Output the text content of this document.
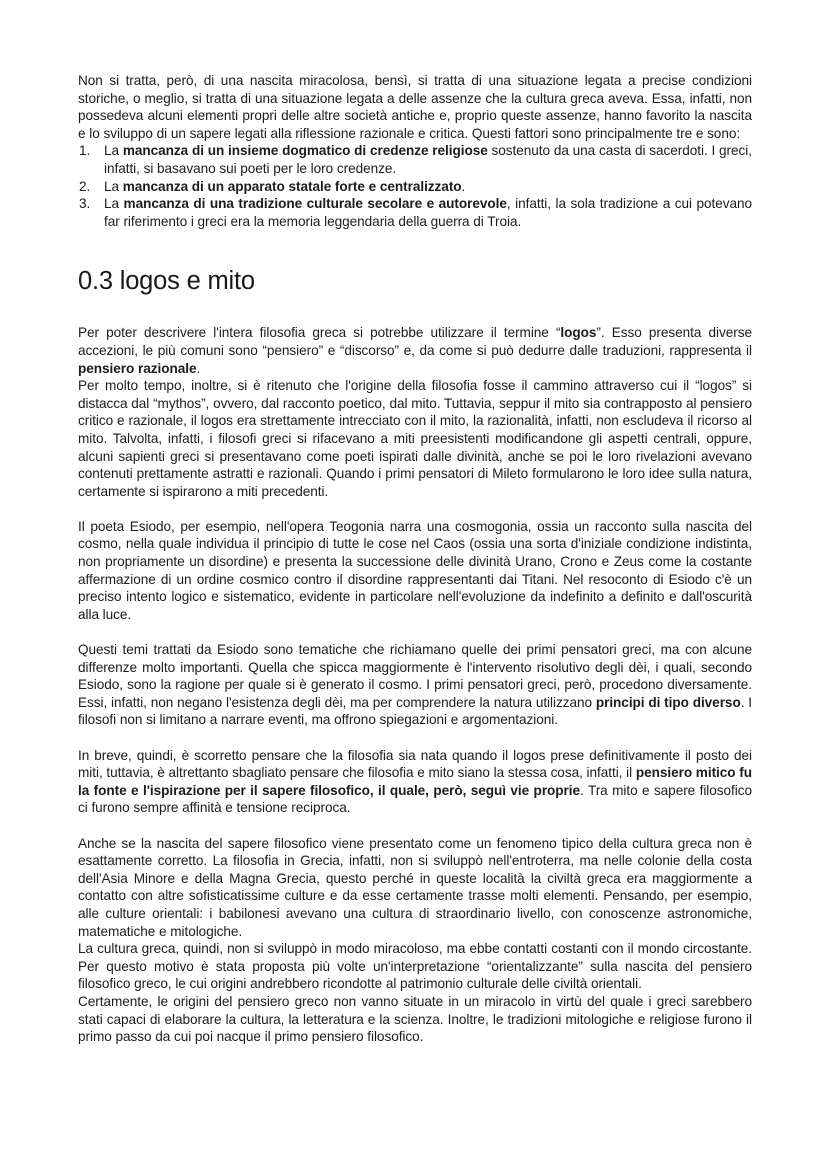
Non si tratta, però, di una nascita miracolosa, bensì, si tratta di una situazione legata a precise condizioni storiche, o meglio, si tratta di una situazione legata a delle assenze che la cultura greca aveva. Essa, infatti, non possedeva alcuni elementi propri delle altre società antiche e, proprio queste assenze, hanno favorito la nascita e lo sviluppo di un sapere legati alla riflessione razionale e critica. Questi fattori sono principalmente tre e sono:

1.	La mancanza di un insieme dogmatico di credenze religiose sostenuto da una casta di sacerdoti. I greci, infatti, si basavano sui poeti per le loro credenze.
2.	La mancanza di un apparato statale forte e centralizzato.
3.	La mancanza di una tradizione culturale secolare e autorevole, infatti, la sola tradizione a cui potevano far riferimento i greci era la memoria leggendaria della guerra di Troia.
0.3 logos e mito

Per poter descrivere l'intera filosofia greca si potrebbe utilizzare il termine “logos”. Esso presenta diverse accezioni, le più comuni sono “pensiero” e “discorso” e, da come si può dedurre dalle traduzioni, rappresenta il pensiero razionale.

Per molto tempo, inoltre, si è ritenuto che l'origine della filosofia fosse il cammino attraverso cui il “logos” si distacca dal “mythos”, ovvero, dal racconto poetico, dal mito. Tuttavia, seppur il mito sia contrapposto al pensiero critico e razionale, il logos era strettamente intrecciato con il mito, la razionalità, infatti, non escludeva il ricorso al mito. Talvolta, infatti, i filosofi greci si rifacevano a miti preesistenti modificandone gli aspetti centrali, oppure, alcuni sapienti greci si presentavano come poeti ispirati dalle divinità, anche se poi le loro rivelazioni avevano contenuti prettamente astratti e razionali. Quando i primi pensatori di Mileto formularono le loro idee sulla natura, certamente si ispirarono a miti precedenti.

Il poeta Esiodo, per esempio, nell'opera Teogonia narra una cosmogonia, ossia un racconto sulla nascita del cosmo, nella quale individua il principio di tutte le cose nel Caos (ossia una sorta d'iniziale condizione indistinta, non propriamente un disordine) e presenta la successione delle divinità Urano, Crono e Zeus come la costante affermazione di un ordine cosmico contro il disordine rappresentanti dai Titani. Nel resoconto di Esiodo c'è un preciso intento logico e sistematico, evidente in particolare nell'evoluzione da indefinito a definito e dall'oscurità alla luce.

Questi temi trattati da Esiodo sono tematiche che richiamano quelle dei primi pensatori greci, ma con alcune differenze molto importanti. Quella che spicca maggiormente è l'intervento risolutivo degli dèi, i quali, secondo Esiodo, sono la ragione per quale si è generato il cosmo. I primi pensatori greci, però, procedono diversamente. Essi, infatti, non negano l'esistenza degli dèi, ma per comprendere la natura utilizzano principi di tipo diverso. I filosofi non si limitano a narrare eventi, ma offrono spiegazioni e argomentazioni.

In breve, quindi, è scorretto pensare che la filosofia sia nata quando il logos prese definitivamente il posto dei miti, tuttavia, è altrettanto sbagliato pensare che filosofia e mito siano la stessa cosa, infatti, il pensiero mitico fu la fonte e l'ispirazione per il sapere filosofico, il quale, però, seguì vie proprie. Tra mito e sapere filosofico ci furono sempre affinità e tensione reciproca.

Anche se la nascita del sapere filosofico viene presentato come un fenomeno tipico della cultura greca non è esattamente corretto. La filosofia in Grecia, infatti, non si sviluppò nell'entroterra, ma nelle colonie della costa dell'Asia Minore e della Magna Grecia, questo perché in queste località la civiltà greca era maggiormente a contatto con altre sofisticatissime culture e da esse certamente trasse molti elementi. Pensando, per esempio, alle culture orientali: i babilonesi avevano una cultura di straordinario livello, con conoscenze astronomiche, matematiche e mitologiche.

La cultura greca, quindi, non si sviluppò in modo miracoloso, ma ebbe contatti costanti con il mondo circostante. Per questo motivo è stata proposta più volte un'interpretazione “orientalizzante” sulla nascita del pensiero filosofico greco, le cui origini andrebbero ricondotte al patrimonio culturale delle civiltà orientali.

Certamente, le origini del pensiero greco non vanno situate in un miracolo in virtù del quale i greci sarebbero stati capaci di elaborare la cultura, la letteratura e la scienza. Inoltre, le tradizioni mitologiche e religiose furono il primo passo da cui poi nacque il primo pensiero filosofico.
